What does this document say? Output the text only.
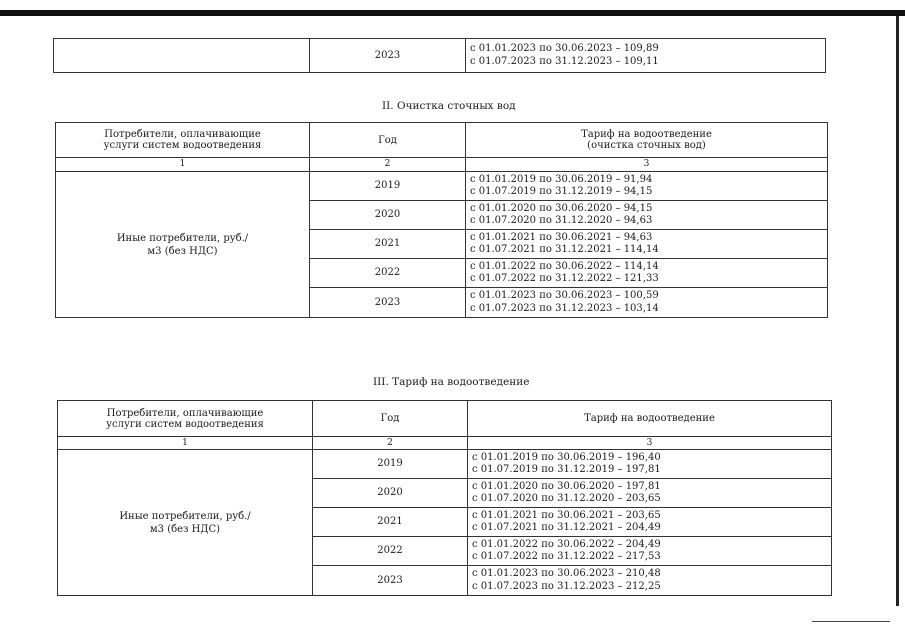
	2023	
с 01.01.2023 по 30.06.2023 – 109,89
с 01.07.2023 по 31.12.2023 – 109,11
II. Очистка сточных вод
Потребители, оплачивающие услуги систем водоотведения	Год	Тариф на водоотведение (очистка сточных вод)
1	2	3
Иные потребители, руб./м3 (без НДС)	2019	с 01.01.2019 по 30.06.2019 – 91,94
с 01.07.2019 по 31.12.2019 – 94,15

	2020	с 01.01.2020 по 30.06.2020 – 94,15
с 01.07.2020 по 31.12.2020 – 94,63

	2021	с 01.01.2021 по 30.06.2021 – 94,63
с 01.07.2021 по 31.12.2021 – 114,14

	2022	с 01.01.2022 по 30.06.2022 – 114,14
с 01.07.2022 по 31.12.2022 – 121,33

	2023	с 01.01.2023 по 30.06.2023 – 100,59
с 01.07.2023 по 31.12.2023 – 103,14
III. Тариф на водоотведение
Потребители, оплачивающие услуги систем водоотведения	Год	Тариф на водоотведение
1	2	3
Иные потребители, руб./м3 (без НДС)	2019	с 01.01.2019 по 30.06.2019 – 196,40
с 01.07.2019 по 31.12.2019 – 197,81

	2020	с 01.01.2020 по 30.06.2020 – 197,81
с 01.07.2020 по 31.12.2020 – 203,65

	2021	с 01.01.2021 по 30.06.2021 – 203,65
с 01.07.2021 по 31.12.2021 – 204,49

	2022	с 01.01.2022 по 30.06.2022 – 204,49
с 01.07.2022 по 31.12.2022 – 217,53

	2023	с 01.01.2023 по 30.06.2023 – 210,48
с 01.07.2023 по 31.12.2023 – 212,25
